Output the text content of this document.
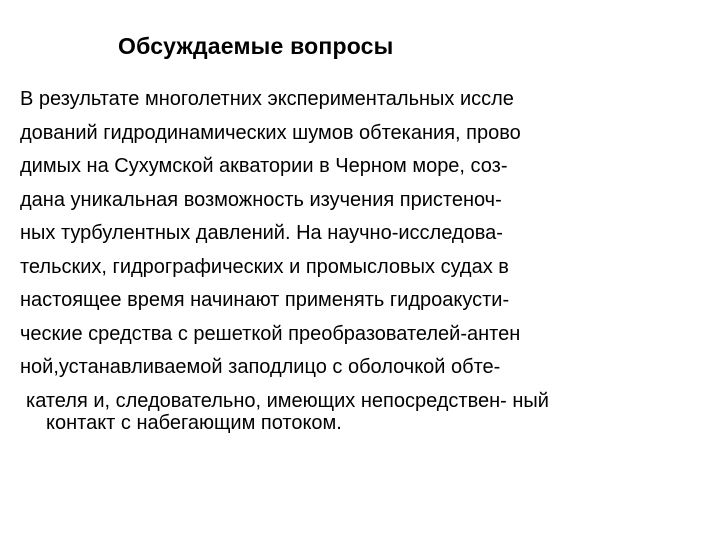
Обсуждаемые вопросы
В результате многолетних экспериментальных иссле
дований гидродинамических шумов обтекания, прово
димых на Сухумской акватории в Черном море, соз-
дана уникальная возможность изучения пристеноч-
ных турбулентных давлений. На научно-исследова-
тельских, гидрографических и промысловых судах в
настоящее время начинают применять гидроакусти-
ческие средства с решеткой преобразователей-антен
ной,устанавливаемой заподлицо с оболочкой обте-
кателя и, следовательно, имеющих непосредствен- ный
контакт с набегающим потоком.
